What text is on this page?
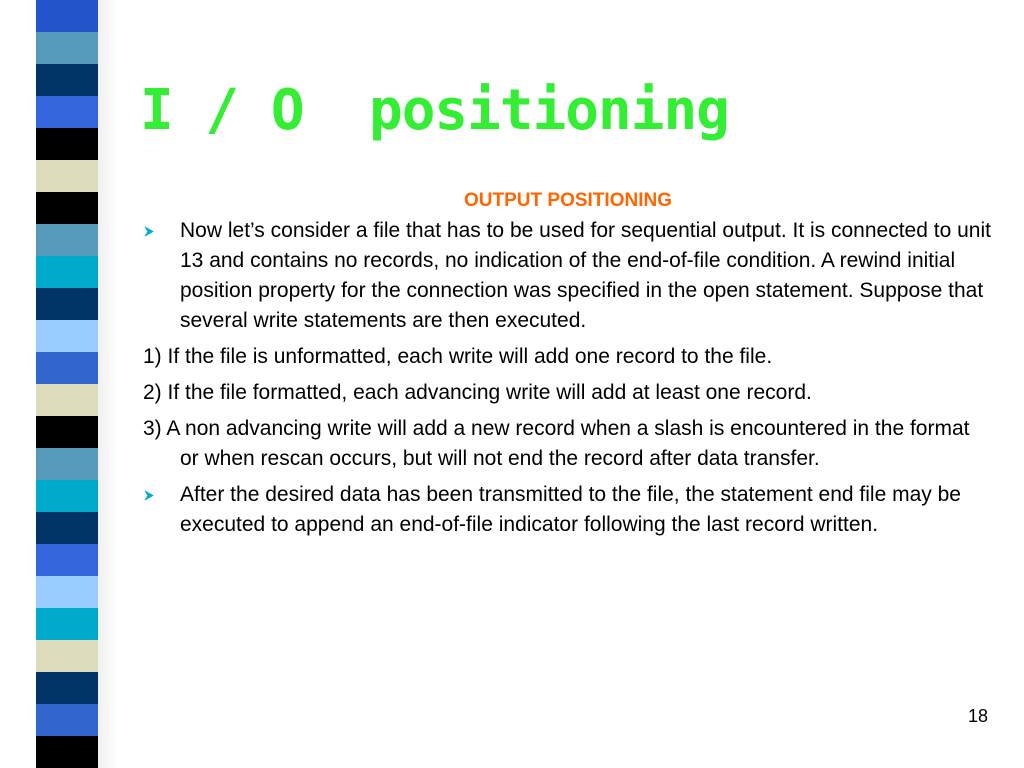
I / O  positioning
OUTPUT POSITIONING
Now let’s consider a file that has to be used for sequential output. It is connected to unit 13 and contains no records, no indication of the end-of-file condition. A rewind initial position property for the connection was specified in the open statement. Suppose that several write statements are then executed.
1) If the file is unformatted, each write will add one record to the file.
2) If the file formatted, each advancing write will add at least one record.
3) A non advancing write will add a new record when a slash is encountered in the format or when rescan occurs, but will not end the record after data transfer.
After the desired data has been transmitted to the file, the statement end file may be executed to append an end-of-file indicator following the last record written.
18
